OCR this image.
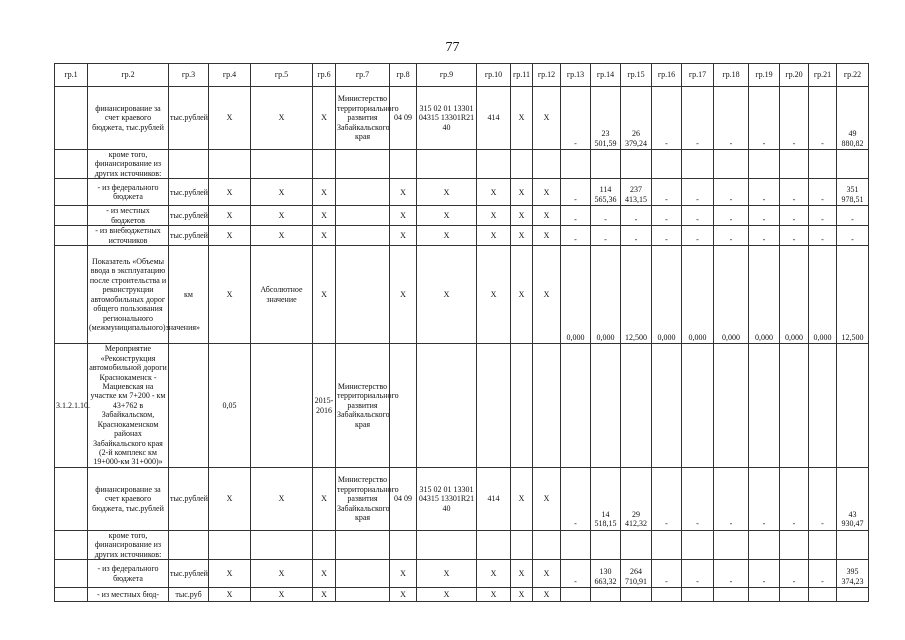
77
гр.1	гр.2	гр.3	гр.4	гр.5	гр.6	гр.7	гр.8	гр.9	гр.10	гр.11	гр.12	гр.13	гр.14	гр.15	гр.16	гр.17	гр.18	гр.19	гр.20	гр.21	гр.22
	финансирование за счет краевого бюджета, тыс.рублей	тыс.рублей	X	X	X	Министерство территориального развития Забайкальского края	04 09	315 02 01 1330104315 13301R2140	414	X	X	-	23 501,59	26 379,24	-	-	-	-	-	-	49 880,82
	кроме того, финансирование из других источников:																				
	- из федерального бюджета	тыс.рублей	X	X	X		X	X	X	X	X	-	114 565,36	237 413,15	-	-	-	-	-	-	351 978,51
	- из местных бюджетов	тыс.рублей	X	X	X		X	X	X	X	X	-	-	-	-	-	-	-	-	-	-
	- из внебюджетных источников	тыс.рублей	X	X	X		X	X	X	X	X	-	-	-	-	-	-	-	-	-	-
	Показатель «Объемы ввода в эксплуатацию после строительства и реконструкции автомобильных дорог общего пользования регионального (межмуниципального)значения»	км	X	Абсолютное значение	X		X	X	X	X	X	0,000	0,000	12,500	0,000	0,000	0,000	0,000	0,000	0,000	12,500
3.1.2.1.10.	Мероприятие «Реконструкция автомобильной дороги Краснокаменск - Мациевская на участке км 7+200 - км 43+762 в Забайкальском, Краснокаменском районах Забайкальского края (2-й комплекс км 19+000-км 31+000)»		0,05		2015-2016	Министерство территориального развития Забайкальского края															
	финансирование за счет краевого бюджета, тыс.рублей	тыс.рублей	X	X	X	Министерство территориального развития Забайкальского края	04 09	315 02 01 1330104315 13301R2140	414	X	X	-	14 518,15	29 412,32	-	-	-	-	-	-	43 930,47
	кроме того, финансирование из других источников:																				
	- из федерального бюджета	тыс.рублей	X	X	X		X	X	X	X	X	-	130 663,32	264 710,91	-	-	-	-	-	-	395 374,23
	- из местных бюд-	тыс.руб	X	X	X		X	X	X	X	X										
